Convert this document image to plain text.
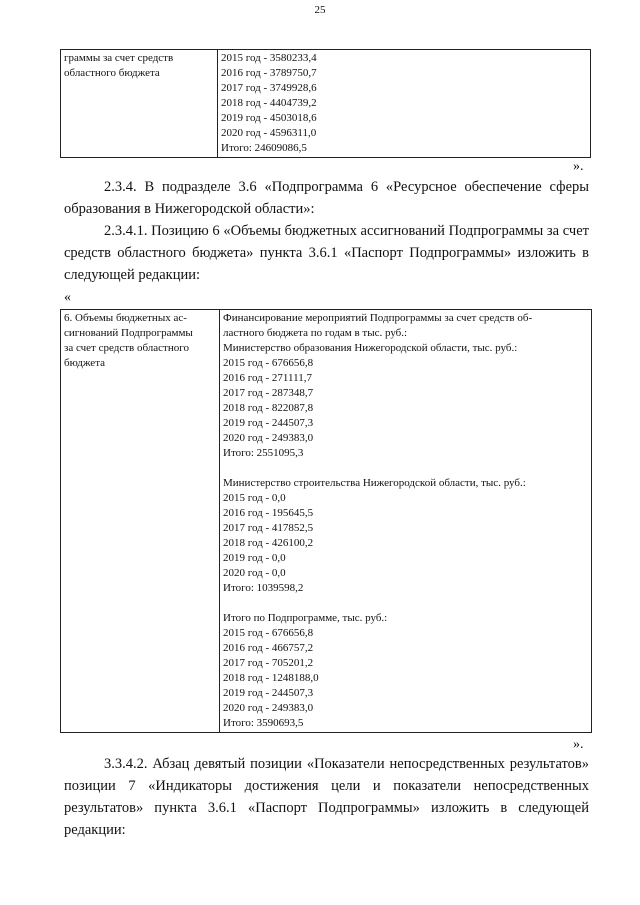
25
граммы за счет средств
областного бюджета

2015 год - 3580233,4
2016 год - 3789750,7
2017 год - 3749928,6
2018 год - 4404739,2
2019 год - 4503018,6
2020 год - 4596311,0
Итого: 24609086,5
».
2.3.4. В подразделе 3.6 «Подпрограмма 6 «Ресурсное обеспечение сферы образования в Нижегородской области»:
2.3.4.1. Позицию 6 «Объемы бюджетных ассигнований Подпрограммы за счет средств областного бюджета» пункта 3.6.1 «Паспорт Подпрограммы» изложить в следующей редакции:
«
6. Объемы бюджетных ас-
сигнований Подпрограммы
за счет средств областного
бюджета

Финансирование мероприятий Подпрограммы за счет средств об-
ластного бюджета по годам в тыс. руб.:
Министерство образования Нижегородской области, тыс. руб.:
2015 год - 676656,8
2016 год - 271111,7
2017 год - 287348,7
2018 год - 822087,8
2019 год - 244507,3
2020 год - 249383,0
Итого: 2551095,3
Министерство строительства Нижегородской области, тыс. руб.:
2015 год - 0,0
2016 год - 195645,5
2017 год - 417852,5
2018 год - 426100,2
2019 год - 0,0
2020 год - 0,0
Итого: 1039598,2
Итого по Подпрограмме, тыс. руб.:
2015 год - 676656,8
2016 год - 466757,2
2017 год - 705201,2
2018 год - 1248188,0
2019 год - 244507,3
2020 год - 249383,0
Итого: 3590693,5
».
3.3.4.2. Абзац девятый позиции «Показатели непосредственных результатов» позиции 7 «Индикаторы достижения цели и показатели непосредственных результатов» пункта 3.6.1 «Паспорт Подпрограммы» изложить в следующей редакции:
